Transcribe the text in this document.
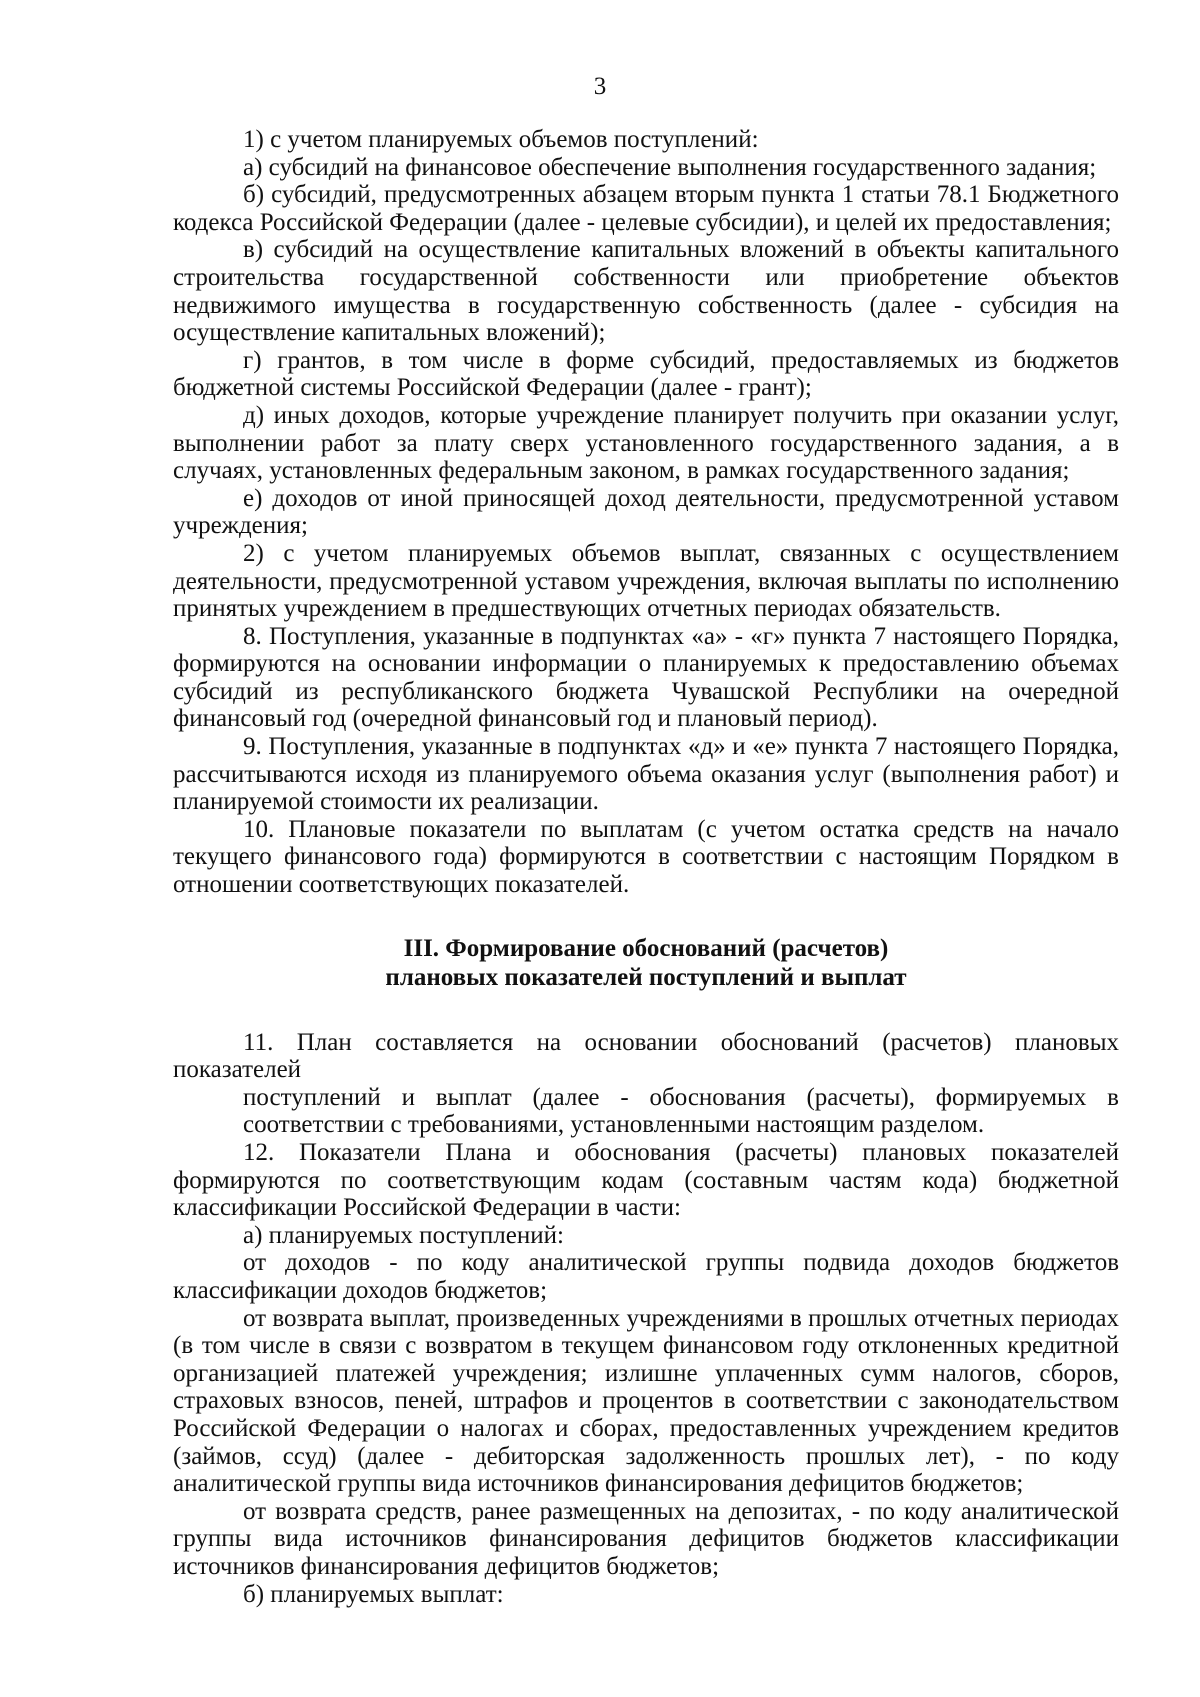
3

1) с учетом планируемых объемов поступлений:

а) субсидий на финансовое обеспечение выполнения государственного задания;

б) субсидий, предусмотренных абзацем вторым пункта 1 статьи 78.1 Бюджетного кодекса Российской Федерации (далее - целевые субсидии), и целей их предоставления;

в) субсидий на осуществление капитальных вложений в объекты капитального строительства государственной собственности или приобретение объектов недвижимого имущества в государственную собственность (далее - субсидия на осуществление капитальных вложений);

г) грантов, в том числе в форме субсидий, предоставляемых из бюджетов бюджетной системы Российской Федерации (далее - грант);

д) иных доходов, которые учреждение планирует получить при оказании услуг, выполнении работ за плату сверх установленного государственного задания, а в случаях, установленных федеральным законом, в рамках государственного задания;

е) доходов от иной приносящей доход деятельности, предусмотренной уставом учреждения;

2) с учетом планируемых объемов выплат, связанных с осуществлением деятельности, предусмотренной уставом учреждения, включая выплаты по исполнению принятых учреждением в предшествующих отчетных периодах обязательств.

8. Поступления, указанные в подпунктах «а» - «г» пункта 7 настоящего Порядка, формируются на основании информации о планируемых к предоставлению объемах субсидий из республиканского бюджета Чувашской Республики на очередной финансовый год (очередной финансовый год и плановый период).

9. Поступления, указанные в подпунктах «д» и «е» пункта 7 настоящего Порядка, рассчитываются исходя из планируемого объема оказания услуг (выполнения работ) и планируемой стоимости их реализации.

10. Плановые показатели по выплатам (с учетом остатка средств на начало текущего финансового года) формируются в соответствии с настоящим Порядком в отношении соответствующих показателей.

III. Формирование обоснований (расчетов)

плановых показателей поступлений и выплат

11. План составляется на основании обоснований (расчетов) плановых показателей

поступлений и выплат (далее - обоснования (расчеты), формируемых в соответствии с требованиями, установленными настоящим разделом.

12. Показатели Плана и обоснования (расчеты) плановых показателей формируются по соответствующим кодам (составным частям кода) бюджетной классификации Российской Федерации в части:

а) планируемых поступлений:

от доходов - по коду аналитической группы подвида доходов бюджетов классификации доходов бюджетов;

от возврата выплат, произведенных учреждениями в прошлых отчетных периодах (в том числе в связи с возвратом в текущем финансовом году отклоненных кредитной организацией платежей учреждения; излишне уплаченных сумм налогов, сборов, страховых взносов, пеней, штрафов и процентов в соответствии с законодательством Российской Федерации о налогах и сборах, предоставленных учреждением кредитов (займов, ссуд) (далее - дебиторская задолженность прошлых лет), - по коду аналитической группы вида источников финансирования дефицитов бюджетов;

от возврата средств, ранее размещенных на депозитах, - по коду аналитической группы вида источников финансирования дефицитов бюджетов классификации источников финансирования дефицитов бюджетов;

б) планируемых выплат:
